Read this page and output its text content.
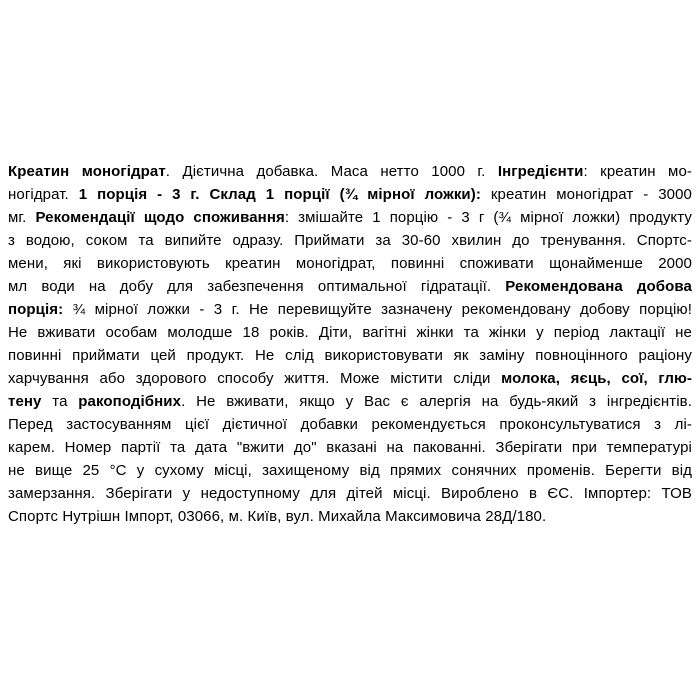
Креатин моногідрат. Дієтична добавка. Маса нетто 1000 г. Інгредієнти: креатин мо-
ногідрат. 1 порція - 3 г. Склад 1 порції (¾ мірної ложки): креатин моногідрат - 3000
мг. Рекомендації щодо споживання: змішайте 1 порцію - 3 г (¾ мірної ложки) продукту
з водою, соком та випийте одразу. Приймати за 30-60 хвилин до тренування. Спортс-
мени, які використовують креатин моногідрат, повинні споживати щонайменше 2000
мл води на добу для забезпечення оптимальної гідратації. Рекомендована добова
порція: ¾ мірної ложки - 3 г. Не перевищуйте зазначену рекомендовану добову порцію!
Не вживати особам молодше 18 років. Діти, вагітні жінки та жінки у період лактації не
повинні приймати цей продукт. Не слід використовувати як заміну повноцінного раціону
харчування або здорового способу життя. Може містити сліди молока, яєць, сої, глю-
тену та ракоподібних. Не вживати, якщо у Вас є алергія на будь-який з інгредієнтів.
Перед застосуванням цієї дієтичної добавки рекомендується проконсультуватися з лі-
карем. Номер партії та дата "вжити до" вказані на пакованні. Зберігати при температурі
не вище 25 °C у сухому місці, захищеному від прямих сонячних променів. Берегти від
замерзання. Зберігати у недоступному для дітей місці. Вироблено в ЄС. Імпортер: ТОВ
Спортс Нутрішн Імпорт, 03066, м. Київ, вул. Михайла Максимовича 28Д/180.
